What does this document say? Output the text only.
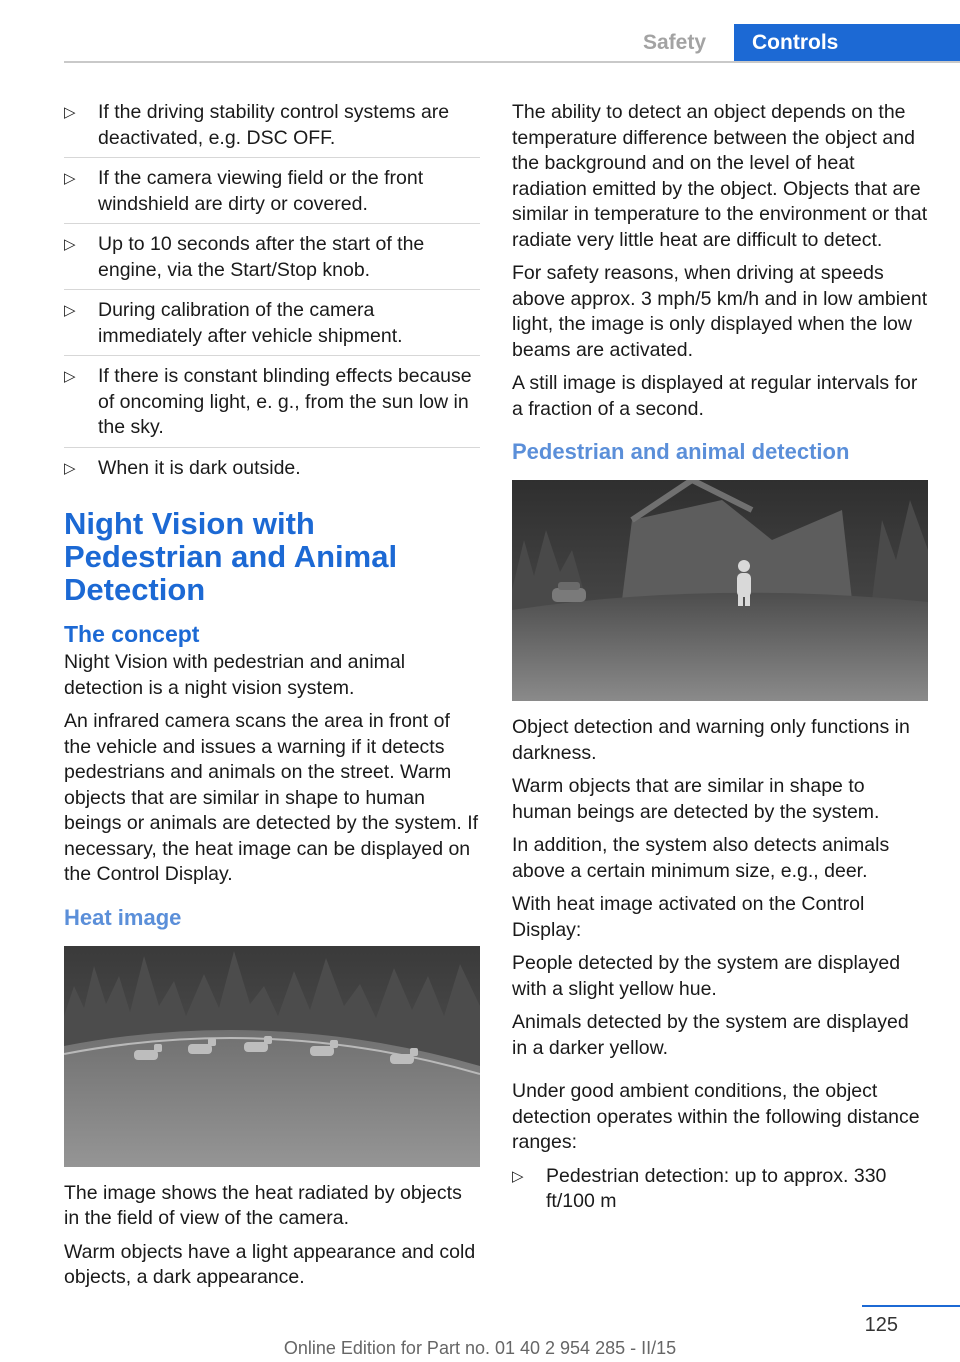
Safety	Controls
▷ If the driving stability control systems are deactivated, e.g. DSC OFF.
▷ If the camera viewing field or the front windshield are dirty or covered.
▷ Up to 10 seconds after the start of the engine, via the Start/Stop knob.
▷ During calibration of the camera immediately after vehicle shipment.
▷ If there is constant blinding effects because of oncoming light, e. g., from the sun low in the sky.
▷ When it is dark outside.
Night Vision with Pedestrian and Animal Detection
The concept

Night Vision with pedestrian and animal detection is a night vision system.

An infrared camera scans the area in front of the vehicle and issues a warning if it detects pedestrians and animals on the street. Warm objects that are similar in shape to human beings or animals are detected by the system. If necessary, the heat image can be displayed on the Control Display.

Heat image

The image shows the heat radiated by objects in the field of view of the camera.

Warm objects have a light appearance and cold objects, a dark appearance.

The ability to detect an object depends on the temperature difference between the object and the background and on the level of heat radiation emitted by the object. Objects that are similar in temperature to the environment or that radiate very little heat are difficult to detect.

For safety reasons, when driving at speeds above approx. 3 mph/5 km/h and in low ambient light, the image is only displayed when the low beams are activated.

A still image is displayed at regular intervals for a fraction of a second.

Pedestrian and animal detection

Object detection and warning only functions in darkness.

Warm objects that are similar in shape to human beings are detected by the system.

In addition, the system also detects animals above a certain minimum size, e.g., deer.

With heat image activated on the Control Display:

People detected by the system are displayed with a slight yellow hue.

Animals detected by the system are displayed in a darker yellow.

Under good ambient conditions, the object detection operates within the following distance ranges:

▷ Pedestrian detection: up to approx. 330 ft/100 m
125
Online Edition for Part no. 01 40 2 954 285 - II/15
